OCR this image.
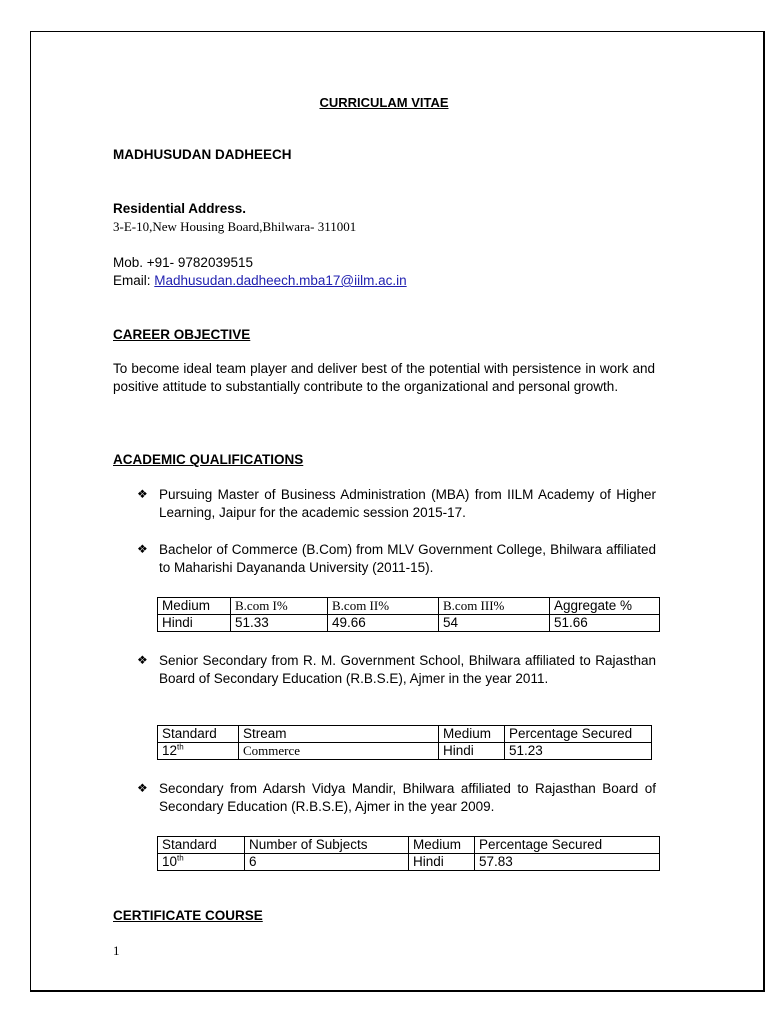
CURRICULAM VITAE
MADHUSUDAN DADHEECH
Residential Address.
3-E-10,New Housing Board,Bhilwara- 311001
Mob. +91- 9782039515
Email: Madhusudan.dadheech.mba17@iilm.ac.in
CAREER OBJECTIVE
To become ideal team player and deliver best of the potential with persistence in work and positive attitude to substantially contribute to the organizational and personal growth.
ACADEMIC QUALIFICATIONS
❖ Pursuing Master of Business Administration (MBA) from IILM Academy of Higher Learning, Jaipur for the academic session 2015-17.
❖ Bachelor of Commerce (B.Com) from MLV Government College, Bhilwara affiliated to Maharishi Dayananda University (2011-15).
Medium	B.com I%	B.com II%	B.com III%	Aggregate %
Hindi	51.33	49.66	54	51.66
❖ Senior Secondary from R. M. Government School, Bhilwara affiliated to Rajasthan Board of Secondary Education (R.B.S.E), Ajmer in the year 2011.
Standard	Stream	Medium	Percentage Secured
12th	Commerce	Hindi	51.23
❖ Secondary from Adarsh Vidya Mandir, Bhilwara affiliated to Rajasthan Board of Secondary Education (R.B.S.E), Ajmer in the year 2009.
Standard	Number of Subjects	Medium	Percentage Secured
10th	6	Hindi	57.83
CERTIFICATE COURSE
1
